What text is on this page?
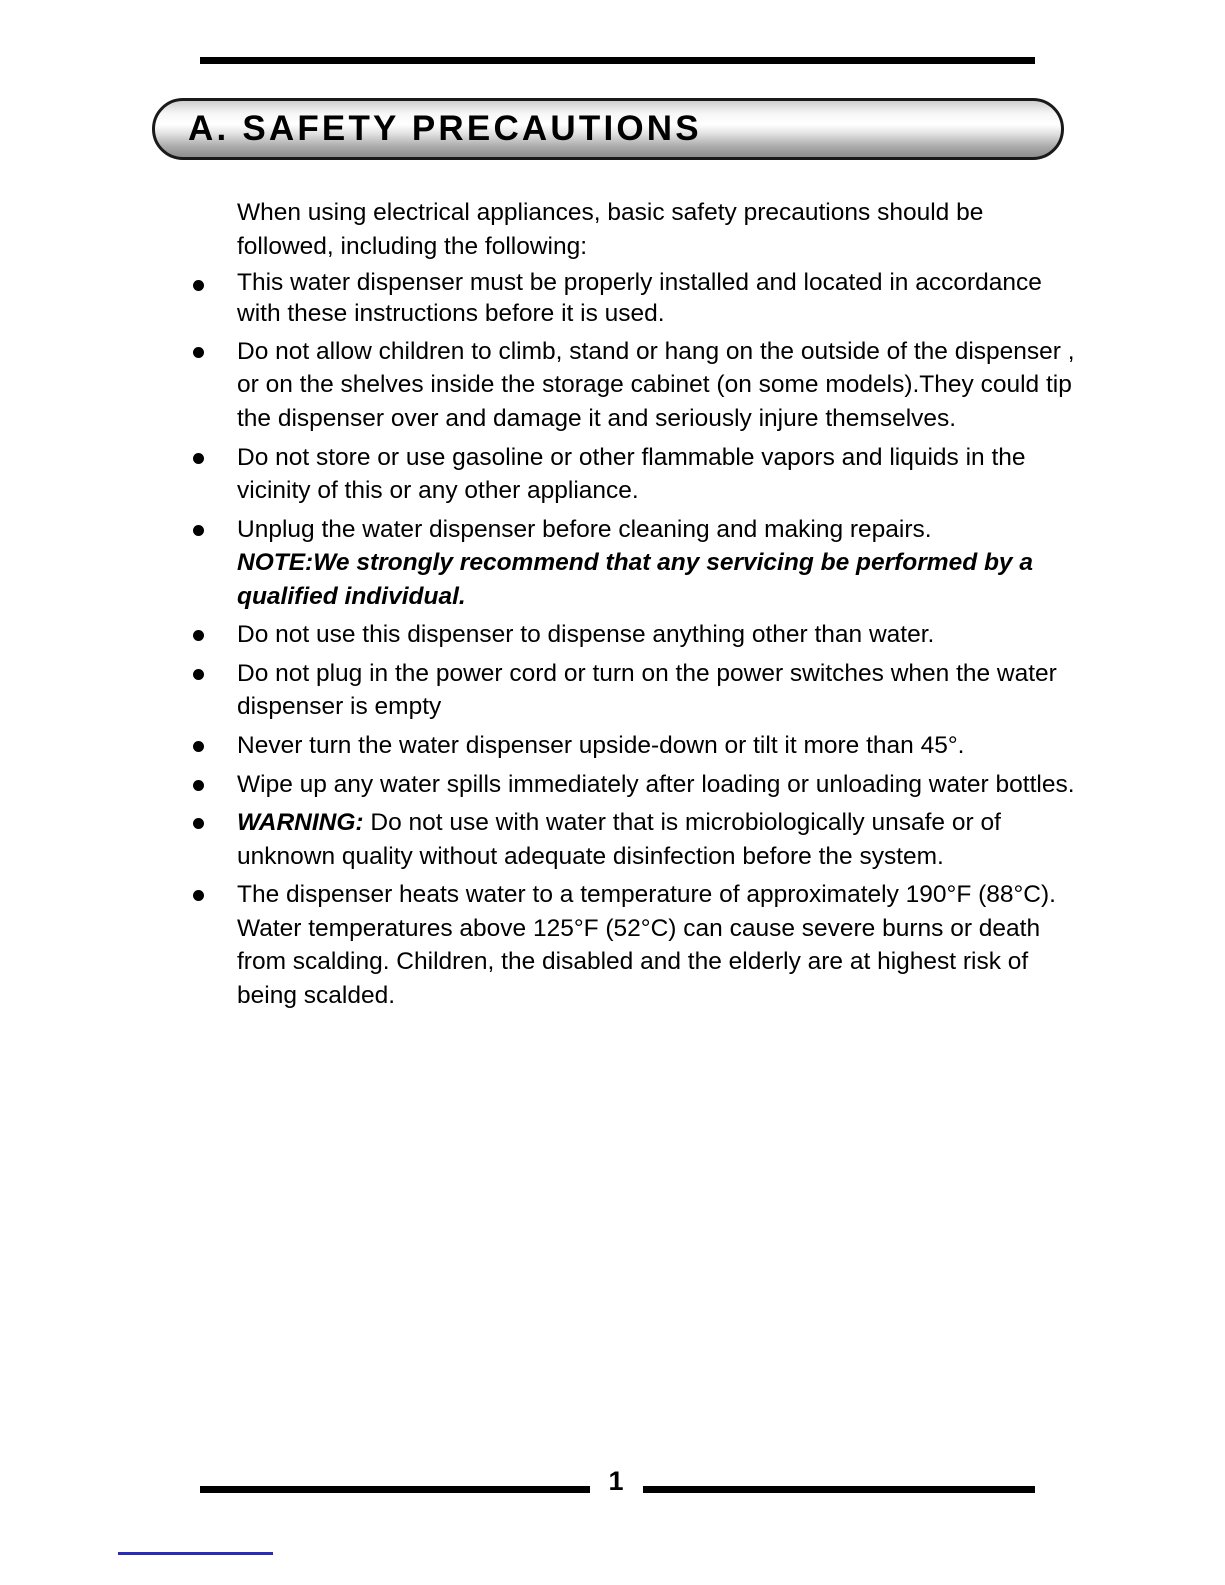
A. SAFETY PRECAUTIONS

When using electrical appliances, basic safety precautions should be followed, including the following:

This water dispenser must be properly installed and located in accordance with these instructions before it is used.
Do not allow children to climb, stand or hang on the outside of the dispenser , or on the shelves inside the storage cabinet (on some models).They could tip the dispenser over and damage it and seriously injure themselves.
Do not store or use gasoline or other flammable vapors and liquids in the vicinity of this or any other appliance.
Unplug the water dispenser before cleaning and making repairs.
NOTE:We strongly recommend that any servicing be performed by a qualified individual.
Do not use this dispenser to dispense anything other than water.
Do not plug in the power cord or turn on the power switches when the water dispenser is empty
Never turn the water dispenser upside-down or tilt it more than 45°.
Wipe up any water spills immediately after loading or unloading water bottles.
WARNING: Do not use with water that is microbiologically unsafe or of unknown quality without adequate disinfection before the system.
The dispenser heats water to a temperature of approximately 190°F (88°C). Water temperatures above 125°F (52°C) can cause severe burns or death from scalding. Children, the disabled and the elderly are at highest risk of being scalded.
1
